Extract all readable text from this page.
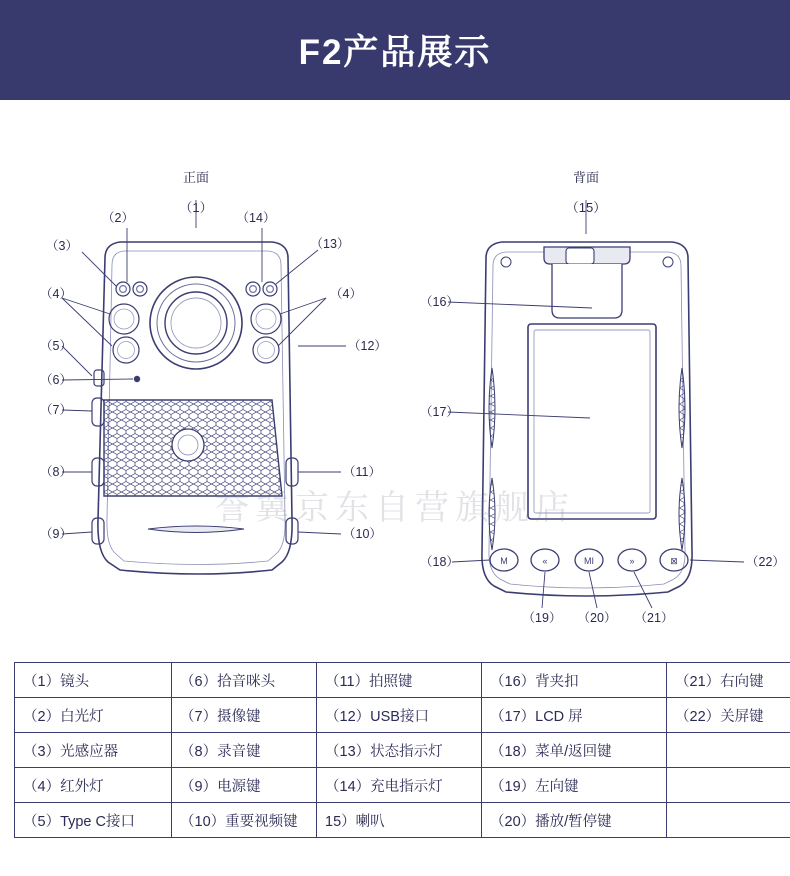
F2产品展示
M	«	MI	»	⊠
正面
（1）
背面
（15）
（2）	（14）
（3）	（13）
（4）	（4）
（5）	（12）
（6）
（7）
（8）	（11）
（9）	（10）
（16）
（17）
（18）	（22）
（19） （20） （21）
誉冀京东自营旗舰店
（1）镜头	（6）拾音咪头	（11）拍照键	（16）背夹扣	（21）右向键
（2）白光灯	（7）摄像键	（12）USB接口	（17）LCD 屏	（22）关屏键
（3）光感应器	（8）录音键	（13）状态指示灯	（18）菜单/返回键	
（4）红外灯	（9）电源键	（14）充电指示灯	（19）左向键	
（5）Type C接口	（10）重要视频键	15）喇叭	（20）播放/暂停键	
